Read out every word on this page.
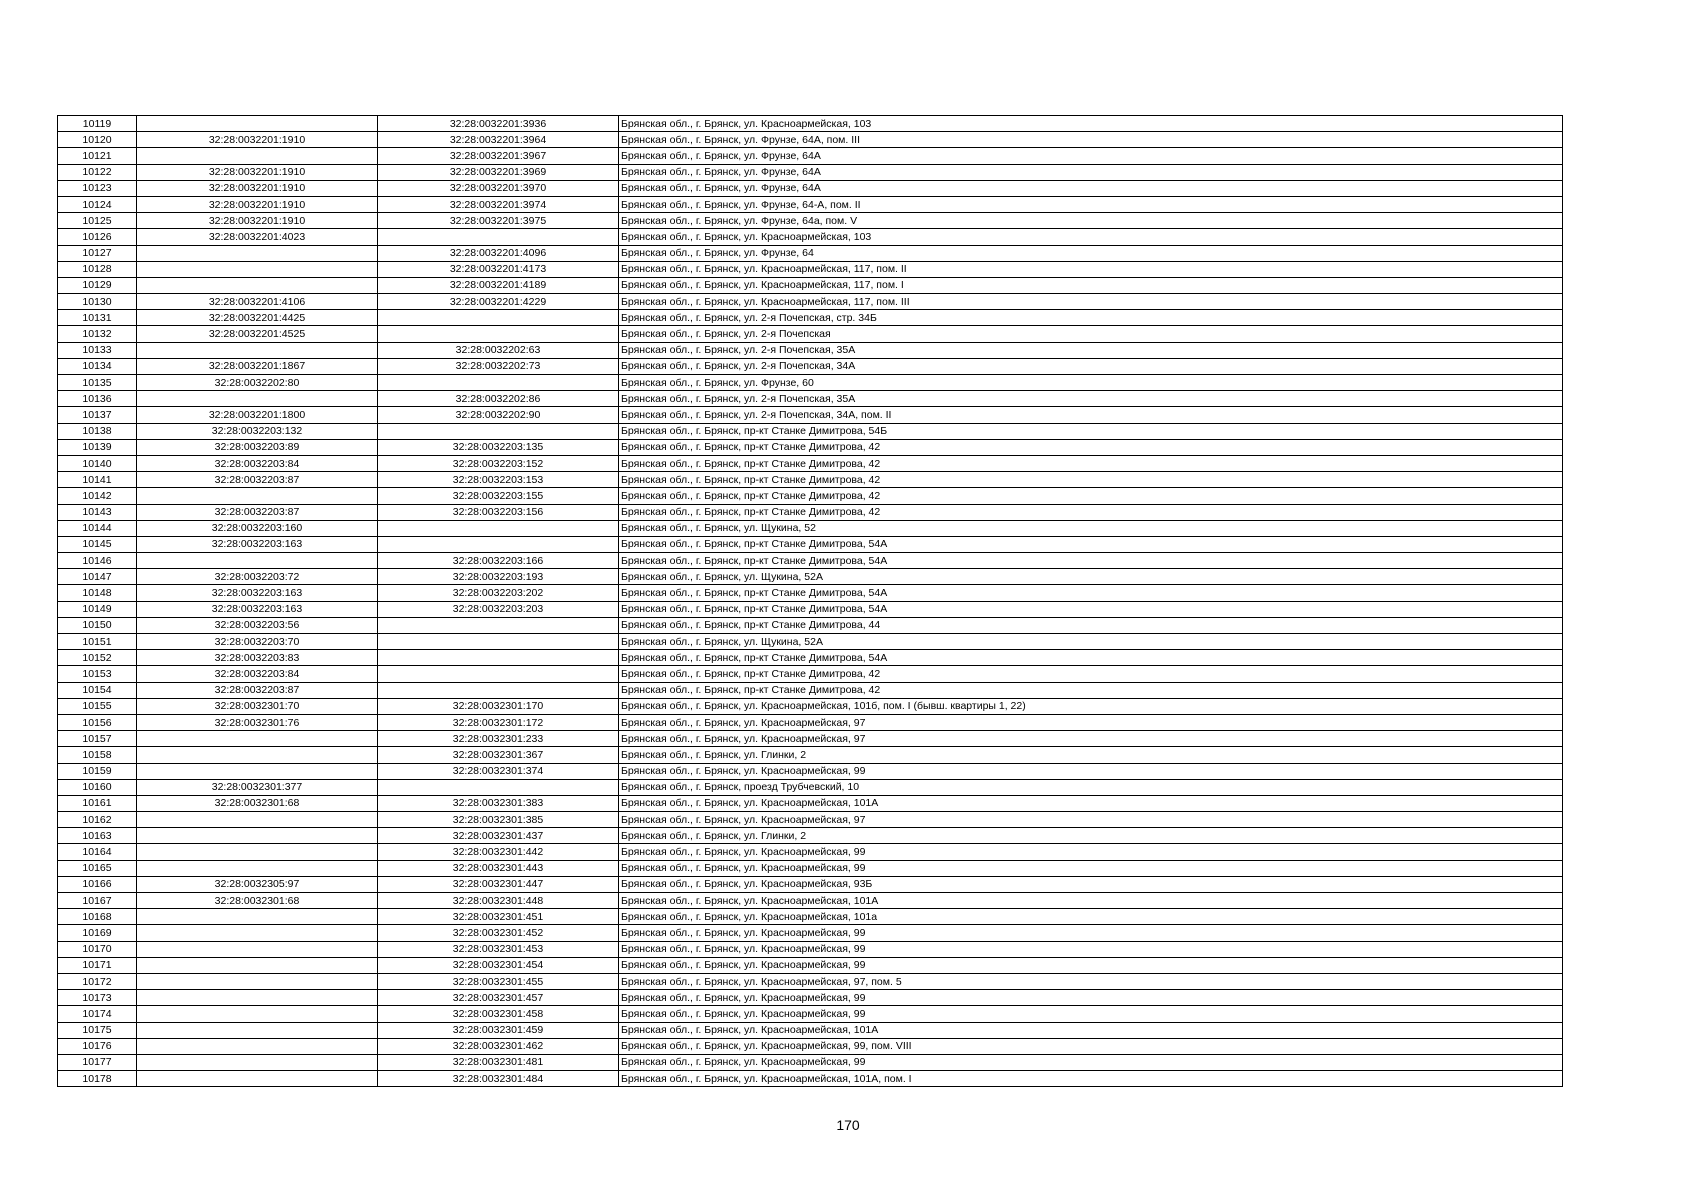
10119		32:28:0032201:3936	Брянская обл., г. Брянск, ул. Красноармейская, 103
10120	32:28:0032201:1910	32:28:0032201:3964	Брянская обл., г. Брянск, ул. Фрунзе, 64А, пом. III
10121		32:28:0032201:3967	Брянская обл., г. Брянск, ул. Фрунзе, 64А
10122	32:28:0032201:1910	32:28:0032201:3969	Брянская обл., г. Брянск, ул. Фрунзе, 64А
10123	32:28:0032201:1910	32:28:0032201:3970	Брянская обл., г. Брянск, ул. Фрунзе, 64А
10124	32:28:0032201:1910	32:28:0032201:3974	Брянская обл., г. Брянск, ул. Фрунзе, 64-А, пом. II
10125	32:28:0032201:1910	32:28:0032201:3975	Брянская обл., г. Брянск, ул. Фрунзе, 64а, пом. V
10126	32:28:0032201:4023		Брянская обл., г. Брянск, ул. Красноармейская, 103
10127		32:28:0032201:4096	Брянская обл., г. Брянск, ул. Фрунзе, 64
10128		32:28:0032201:4173	Брянская обл., г. Брянск, ул. Красноармейская, 117, пом. II
10129		32:28:0032201:4189	Брянская обл., г. Брянск, ул. Красноармейская, 117, пом. I
10130	32:28:0032201:4106	32:28:0032201:4229	Брянская обл., г. Брянск, ул. Красноармейская, 117, пом. III
10131	32:28:0032201:4425		Брянская обл., г. Брянск, ул. 2-я Почепская, стр. 34Б
10132	32:28:0032201:4525		Брянская обл., г. Брянск, ул. 2-я Почепская
10133		32:28:0032202:63	Брянская обл., г. Брянск, ул. 2-я Почепская, 35А
10134	32:28:0032201:1867	32:28:0032202:73	Брянская обл., г. Брянск, ул. 2-я Почепская, 34А
10135	32:28:0032202:80		Брянская обл., г. Брянск, ул. Фрунзе, 60
10136		32:28:0032202:86	Брянская обл., г. Брянск, ул. 2-я Почепская, 35А
10137	32:28:0032201:1800	32:28:0032202:90	Брянская обл., г. Брянск, ул. 2-я Почепская, 34А, пом. II
10138	32:28:0032203:132		Брянская обл., г. Брянск, пр-кт Станке Димитрова, 54Б
10139	32:28:0032203:89	32:28:0032203:135	Брянская обл., г. Брянск, пр-кт Станке Димитрова, 42
10140	32:28:0032203:84	32:28:0032203:152	Брянская обл., г. Брянск, пр-кт Станке Димитрова, 42
10141	32:28:0032203:87	32:28:0032203:153	Брянская обл., г. Брянск, пр-кт Станке Димитрова, 42
10142		32:28:0032203:155	Брянская обл., г. Брянск, пр-кт Станке Димитрова, 42
10143	32:28:0032203:87	32:28:0032203:156	Брянская обл., г. Брянск, пр-кт Станке Димитрова, 42
10144	32:28:0032203:160		Брянская обл., г. Брянск, ул. Щукина, 52
10145	32:28:0032203:163		Брянская обл., г. Брянск, пр-кт Станке Димитрова, 54А
10146		32:28:0032203:166	Брянская обл., г. Брянск, пр-кт Станке Димитрова, 54А
10147	32:28:0032203:72	32:28:0032203:193	Брянская обл., г. Брянск, ул. Щукина, 52А
10148	32:28:0032203:163	32:28:0032203:202	Брянская обл., г. Брянск, пр-кт Станке Димитрова, 54А
10149	32:28:0032203:163	32:28:0032203:203	Брянская обл., г. Брянск, пр-кт Станке Димитрова, 54А
10150	32:28:0032203:56		Брянская обл., г. Брянск, пр-кт Станке Димитрова, 44
10151	32:28:0032203:70		Брянская обл., г. Брянск, ул. Щукина, 52А
10152	32:28:0032203:83		Брянская обл., г. Брянск, пр-кт Станке Димитрова, 54А
10153	32:28:0032203:84		Брянская обл., г. Брянск, пр-кт Станке Димитрова, 42
10154	32:28:0032203:87		Брянская обл., г. Брянск, пр-кт Станке Димитрова, 42
10155	32:28:0032301:70	32:28:0032301:170	Брянская обл., г. Брянск, ул. Красноармейская, 101б, пом. I (бывш. квартиры 1, 22)
10156	32:28:0032301:76	32:28:0032301:172	Брянская обл., г. Брянск, ул. Красноармейская, 97
10157		32:28:0032301:233	Брянская обл., г. Брянск, ул. Красноармейская, 97
10158		32:28:0032301:367	Брянская обл., г. Брянск, ул. Глинки, 2
10159		32:28:0032301:374	Брянская обл., г. Брянск, ул. Красноармейская, 99
10160	32:28:0032301:377		Брянская обл., г. Брянск, проезд Трубчевский, 10
10161	32:28:0032301:68	32:28:0032301:383	Брянская обл., г. Брянск, ул. Красноармейская, 101А
10162		32:28:0032301:385	Брянская обл., г. Брянск, ул. Красноармейская, 97
10163		32:28:0032301:437	Брянская обл., г. Брянск, ул. Глинки, 2
10164		32:28:0032301:442	Брянская обл., г. Брянск, ул. Красноармейская, 99
10165		32:28:0032301:443	Брянская обл., г. Брянск, ул. Красноармейская, 99
10166	32:28:0032305:97	32:28:0032301:447	Брянская обл., г. Брянск, ул. Красноармейская, 93Б
10167	32:28:0032301:68	32:28:0032301:448	Брянская обл., г. Брянск, ул. Красноармейская, 101А
10168		32:28:0032301:451	Брянская обл., г. Брянск, ул. Красноармейская, 101а
10169		32:28:0032301:452	Брянская обл., г. Брянск, ул. Красноармейская, 99
10170		32:28:0032301:453	Брянская обл., г. Брянск, ул. Красноармейская, 99
10171		32:28:0032301:454	Брянская обл., г. Брянск, ул. Красноармейская, 99
10172		32:28:0032301:455	Брянская обл., г. Брянск, ул. Красноармейская, 97, пом. 5
10173		32:28:0032301:457	Брянская обл., г. Брянск, ул. Красноармейская, 99
10174		32:28:0032301:458	Брянская обл., г. Брянск, ул. Красноармейская, 99
10175		32:28:0032301:459	Брянская обл., г. Брянск, ул. Красноармейская, 101А
10176		32:28:0032301:462	Брянская обл., г. Брянск, ул. Красноармейская, 99, пом. VIII
10177		32:28:0032301:481	Брянская обл., г. Брянск, ул. Красноармейская, 99
10178		32:28:0032301:484	Брянская обл., г. Брянск, ул. Красноармейская, 101А, пом. I
170
